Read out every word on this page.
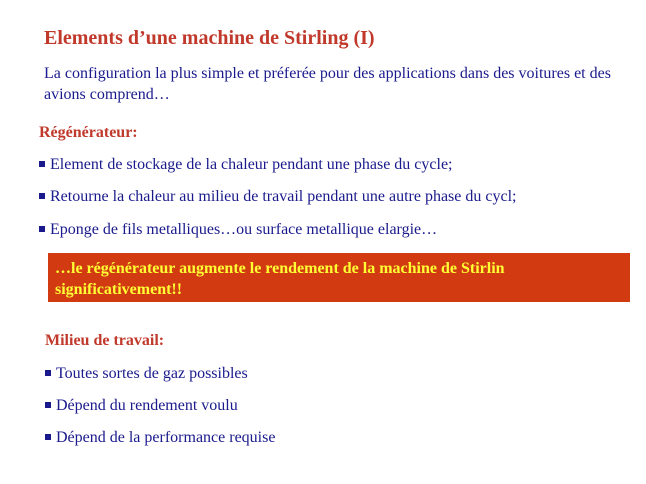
Elements d’une machine de Stirling (I)
La configuration la plus simple et préferée pour des applications dans des voitures et des avions comprend…
Régénérateur:
Element de stockage de la chaleur pendant une phase du cycle;
Retourne la chaleur au milieu de travail pendant une autre phase du cycl;
Eponge de fils metalliques…ou surface metallique elargie…
…le régénérateur augmente le rendement de la machine de Stirlin significativement!!
Milieu de travail:
Toutes sortes de gaz possibles
Dépend du rendement voulu
Dépend de la performance requise
